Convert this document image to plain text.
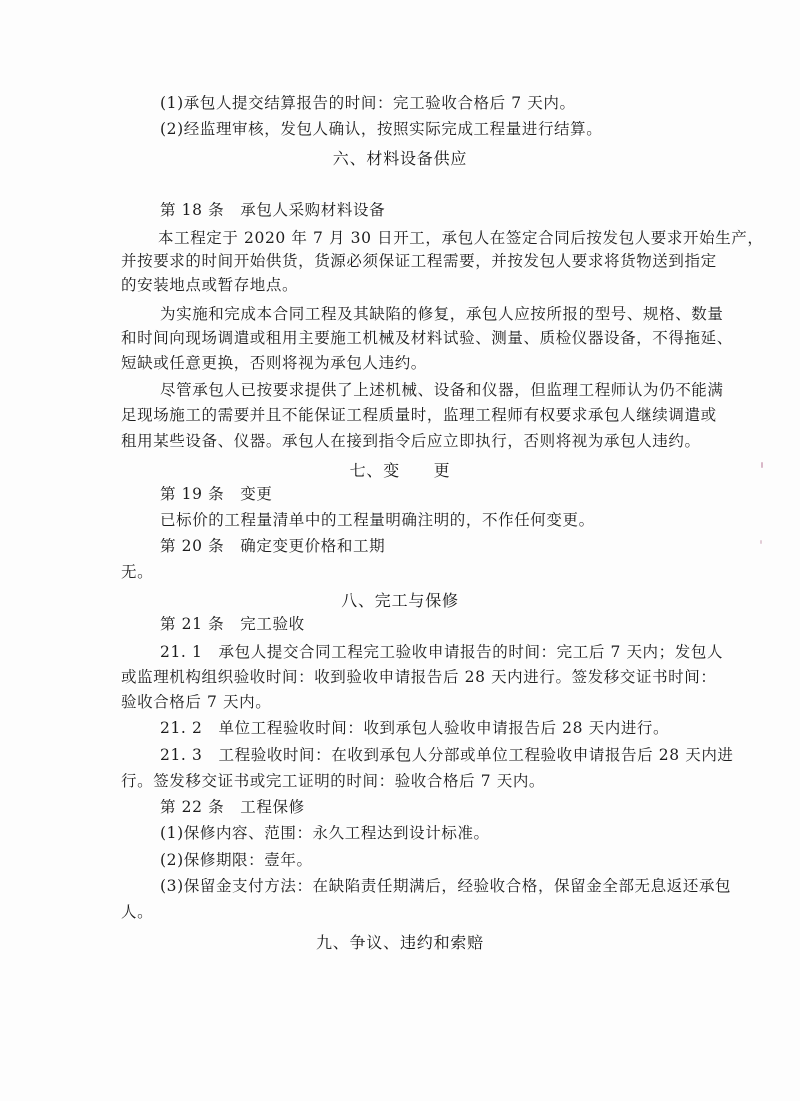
(1)承包人提交结算报告的时间：完工验收合格后 7 天内。
(2)经监理审核，发包人确认，按照实际完成工程量进行结算。
六、材料设备供应
第 18 条　承包人采购材料设备
本工程定于 2020 年 7 月 30 日开工，承包人在签定合同后按发包人要求开始生产，
并按要求的时间开始供货，货源必须保证工程需要，并按发包人要求将货物送到指定
的安装地点或暂存地点。
为实施和完成本合同工程及其缺陷的修复，承包人应按所报的型号、规格、数量
和时间向现场调遣或租用主要施工机械及材料试验、测量、质检仪器设备，不得拖延、
短缺或任意更换，否则将视为承包人违约。
尽管承包人已按要求提供了上述机械、设备和仪器，但监理工程师认为仍不能满
足现场施工的需要并且不能保证工程质量时，监理工程师有权要求承包人继续调遣或
租用某些设备、仪器。承包人在接到指令后应立即执行，否则将视为承包人违约。
七、变　　更
第 19 条　变更
已标价的工程量清单中的工程量明确注明的，不作任何变更。
第 20 条　确定变更价格和工期
无。
八、完工与保修
第 21 条　完工验收
21. 1　承包人提交合同工程完工验收申请报告的时间：完工后 7 天内；发包人
或监理机构组织验收时间：收到验收申请报告后 28 天内进行。签发移交证书时间：
验收合格后 7 天内。
21. 2　单位工程验收时间：收到承包人验收申请报告后 28 天内进行。
21. 3　工程验收时间：在收到承包人分部或单位工程验收申请报告后 28 天内进
行。签发移交证书或完工证明的时间：验收合格后 7 天内。
第 22 条　工程保修
(1)保修内容、范围：永久工程达到设计标准。
(2)保修期限：壹年。
(3)保留金支付方法：在缺陷责任期满后，经验收合格，保留金全部无息返还承包
人。
九、争议、违约和索赔
